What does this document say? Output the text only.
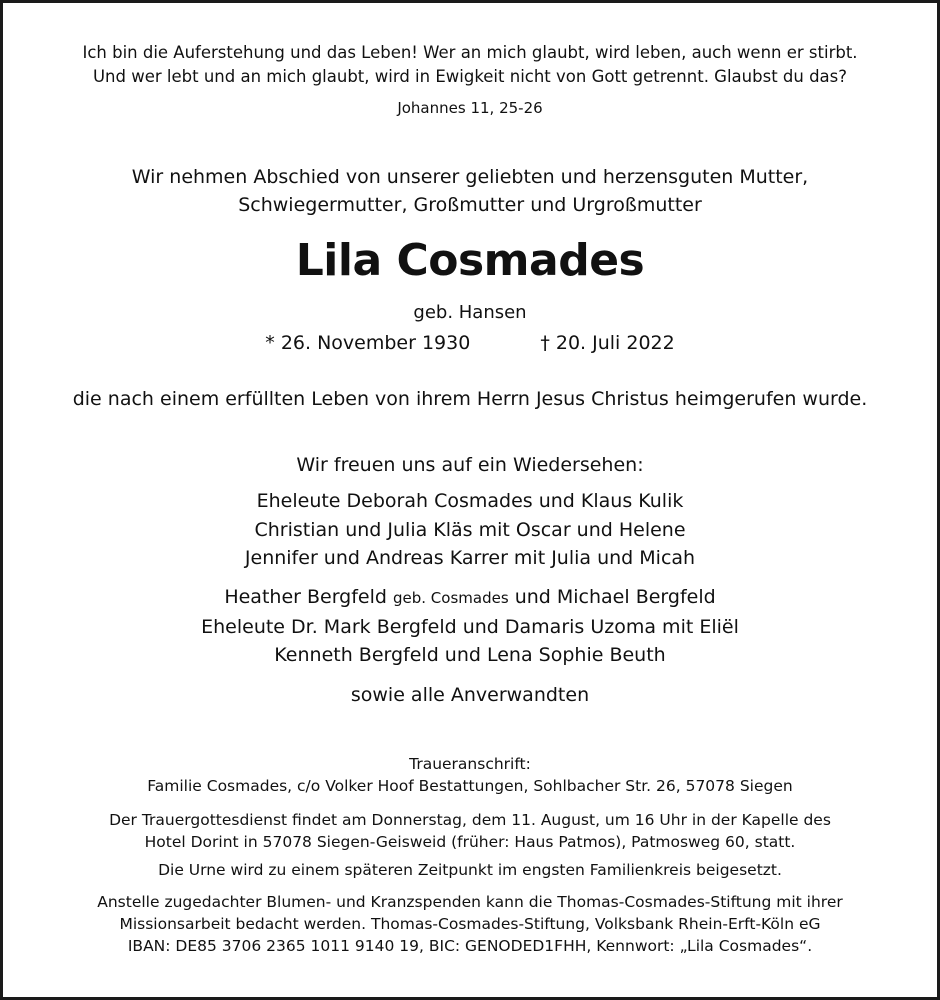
Ich bin die Auferstehung und das Leben! Wer an mich glaubt, wird leben, auch wenn er stirbt.
Und wer lebt und an mich glaubt, wird in Ewigkeit nicht von Gott getrennt. Glaubst du das?
Johannes 11, 25-26
Wir nehmen Abschied von unserer geliebten und herzensguten Mutter,
Schwiegermutter, Großmutter und Urgroßmutter
Lila Cosmades
geb. Hansen
* 26. November 1930	† 20. Juli 2022
die nach einem erfüllten Leben von ihrem Herrn Jesus Christus heimgerufen wurde.
Wir freuen uns auf ein Wiedersehen:
Eheleute Deborah Cosmades und Klaus Kulik
Christian und Julia Kläs mit Oscar und Helene
Jennifer und Andreas Karrer mit Julia und Micah
Heather Bergfeld geb. Cosmades und Michael Bergfeld
Eheleute Dr. Mark Bergfeld und Damaris Uzoma mit Eliël
Kenneth Bergfeld und Lena Sophie Beuth
sowie alle Anverwandten
Traueranschrift:
Familie Cosmades, c/o Volker Hoof Bestattungen, Sohlbacher Str. 26, 57078 Siegen
Der Trauergottesdienst findet am Donnerstag, dem 11. August, um 16 Uhr in der Kapelle des
Hotel Dorint in 57078 Siegen-Geisweid (früher: Haus Patmos), Patmosweg 60, statt.
Die Urne wird zu einem späteren Zeitpunkt im engsten Familienkreis beigesetzt.
Anstelle zugedachter Blumen- und Kranzspenden kann die Thomas-Cosmades-Stiftung mit ihrer
Missionsarbeit bedacht werden. Thomas-Cosmades-Stiftung, Volksbank Rhein-Erft-Köln eG
IBAN: DE85 3706 2365 1011 9140 19, BIC: GENODED1FHH, Kennwort: „Lila Cosmades“.
